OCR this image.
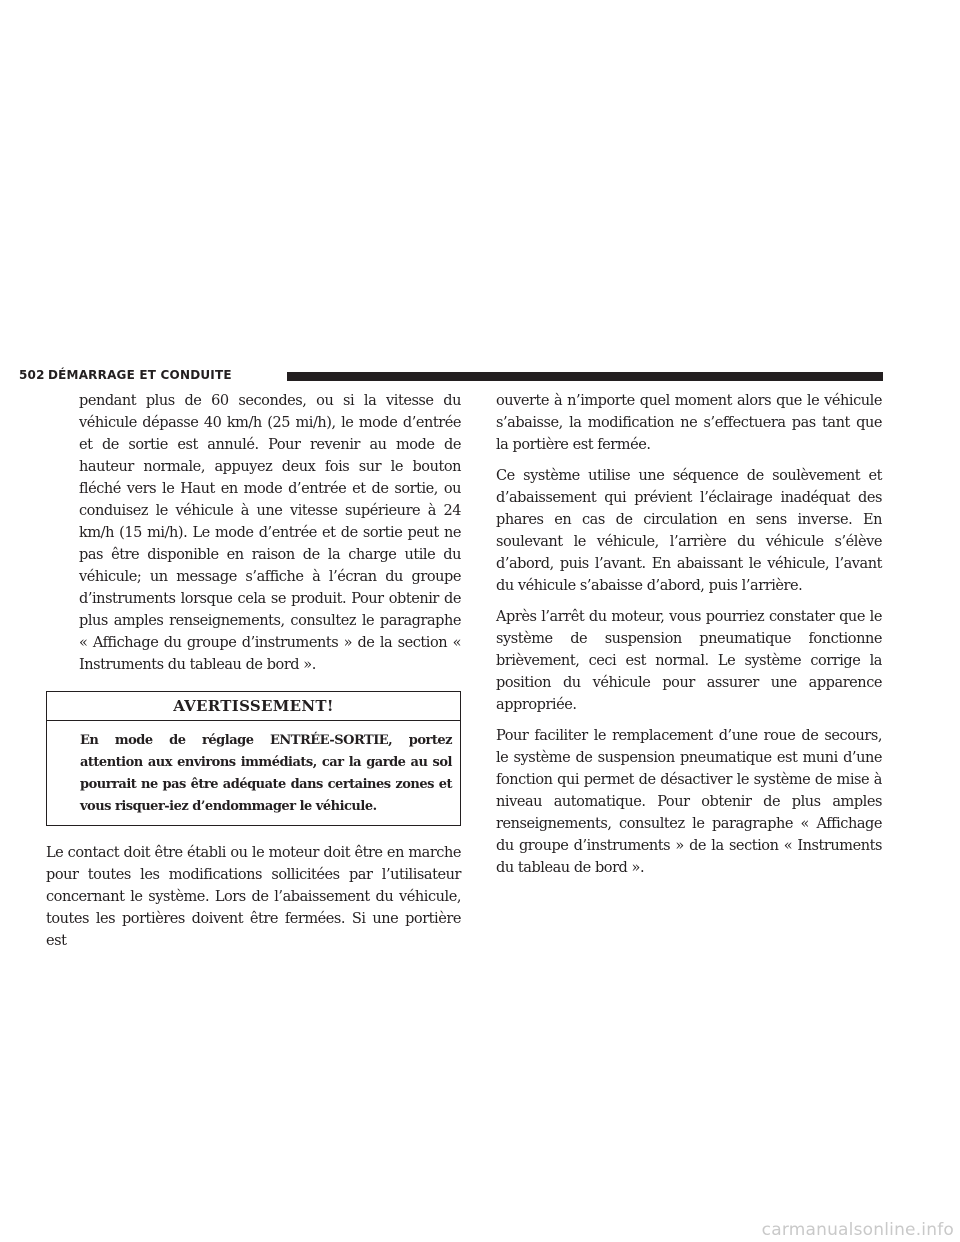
502 DÉMARRAGE ET CONDUITE

pendant plus de 60 secondes, ou si la vitesse du véhicule dépasse 40 km/h (25 mi/h), le mode d’entrée et de sortie est annulé. Pour revenir au mode de hauteur normale, appuyez deux fois sur le bouton fléché vers le Haut en mode d’entrée et de sortie, ou conduisez le véhicule à une vitesse supérieure à 24 km/h (15 mi/h). Le mode d’entrée et de sortie peut ne pas être disponible en raison de la charge utile du véhicule; un message s’affiche à l’écran du groupe d’instruments lorsque cela se produit. Pour obtenir de plus amples renseignements, consultez le paragraphe « Affichage du groupe d’instruments » de la section « Instruments du tableau de bord ».

AVERTISSEMENT!
En mode de réglage ENTRÉE-SORTIE, portez attention aux environs immédiats, car la garde au sol pourrait ne pas être adéquate dans certaines zones et vous risquer-iez d’endommager le véhicule.

Le contact doit être établi ou le moteur doit être en marche pour toutes les modifications sollicitées par l’utilisateur concernant le système. Lors de l’abaissement du véhicule, toutes les portières doivent être fermées. Si une portière est

ouverte à n’importe quel moment alors que le véhicule s’abaisse, la modification ne s’effectuera pas tant que la portière est fermée.

Ce système utilise une séquence de soulèvement et d’abaissement qui prévient l’éclairage inadéquat des phares en cas de circulation en sens inverse. En soulevant le véhicule, l’arrière du véhicule s’élève d’abord, puis l’avant. En abaissant le véhicule, l’avant du véhicule s’abaisse d’abord, puis l’arrière.

Après l’arrêt du moteur, vous pourriez constater que le système de suspension pneumatique fonctionne brièvement, ceci est normal. Le système corrige la position du véhicule pour assurer une apparence appropriée.

Pour faciliter le remplacement d’une roue de secours, le système de suspension pneumatique est muni d’une fonction qui permet de désactiver le système de mise à niveau automatique. Pour obtenir de plus amples renseignements, consultez le paragraphe « Affichage du groupe d’instruments » de la section « Instruments du tableau de bord ».

carmanualsonline.info
